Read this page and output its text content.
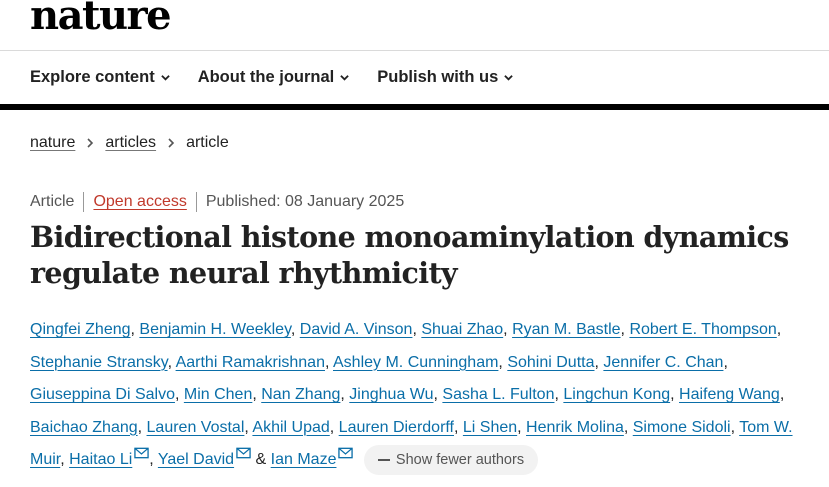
nature
Explore content	About the journal	Publish with us
nature articles article
Article Open access Published: 08 January 2025
Bidirectional histone monoaminylation dynamics regulate neural rhythmicity
Qingfei Zheng, Benjamin H. Weekley, David A. Vinson, Shuai Zhao, Ryan M. Bastle, Robert E. Thompson, Stephanie Stransky, Aarthi Ramakrishnan, Ashley M. Cunningham, Sohini Dutta, Jennifer C. Chan, Giuseppina Di Salvo, Min Chen, Nan Zhang, Jinghua Wu, Sasha L. Fulton, Lingchun Kong, Haifeng Wang, Baichao Zhang, Lauren Vostal, Akhil Upad, Lauren Dierdorff, Li Shen, Henrik Molina, Simone Sidoli, Tom W.
Muir, Haitao Li , Yael David & Ian Maze	Show fewer authors
